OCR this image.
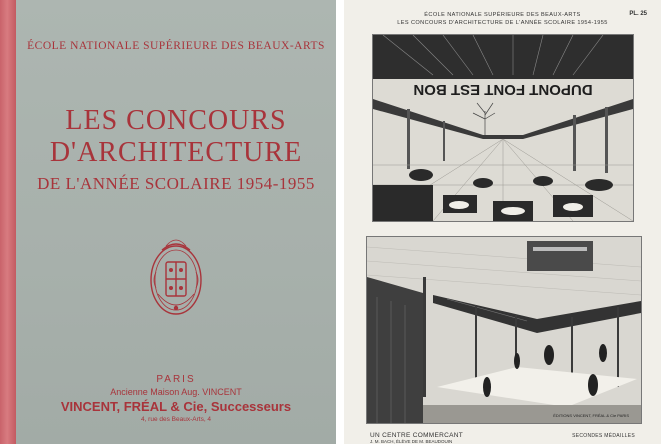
ÉCOLE NATIONALE SUPÉRIEURE DES BEAUX-ARTS
LES CONCOURS
D'ARCHITECTURE
DE L'ANNÉE SCOLAIRE 1954-1955
PARIS
Ancienne Maison Aug. VINCENT
VINCENT, FRÉAL & Cie, Successeurs
4, rue des Beaux-Arts, 4
ÉCOLE NATIONALE SUPÉRIEURE DES BEAUX-ARTS
LES CONCOURS D'ARCHITECTURE DE L'ANNÉE SCOLAIRE 1954-1955
PL. 25
DUPONT FONT EST BON
ÉDITIONS VINCENT, FRÉAL & Cie PARIS
UN CENTRE COMMERCANT
J. M. BACH, ÉLÈVE DE M. BEAUDOUIN
SECONDES MÉDAILLES
